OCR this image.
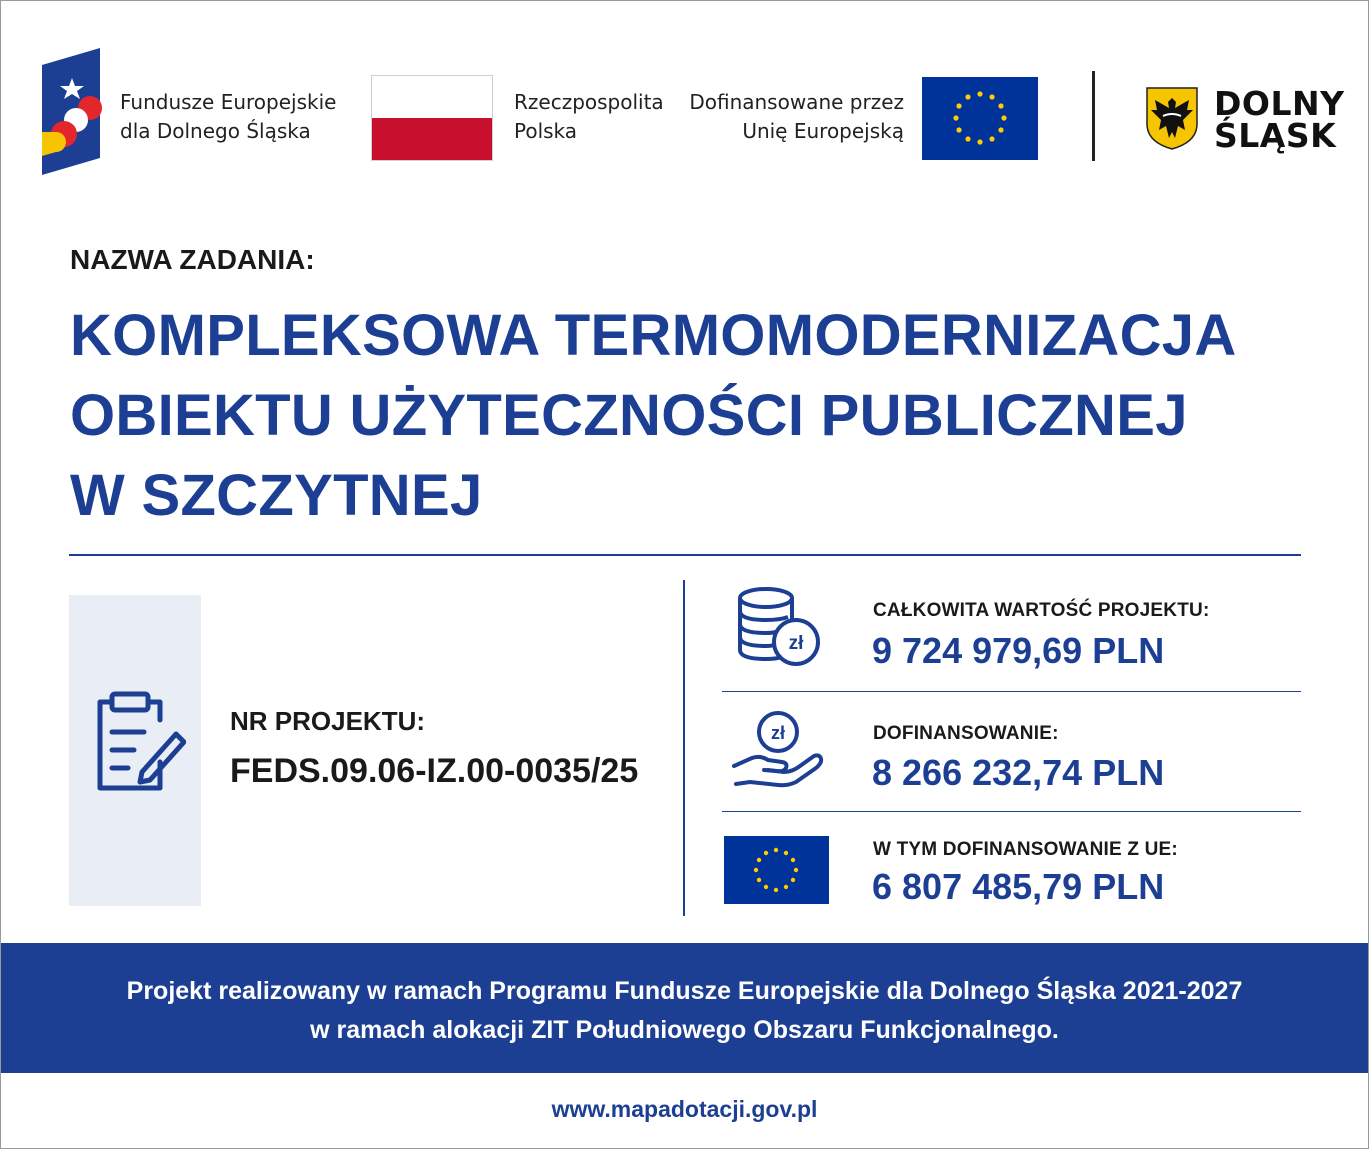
Fundusze Europejskie
dla Dolnego Śląska
Rzeczpospolita
Polska
Dofinansowane przez
Unię Europejską
DOLNY
ŚLĄSK
NAZWA ZADANIA:
KOMPLEKSOWA TERMOMODERNIZACJA
OBIEKTU UŻYTECZNOŚCI PUBLICZNEJ
W SZCZYTNEJ
NR PROJEKTU:
FEDS.09.06-IZ.00-0035/25
zł
CAŁKOWITA WARTOŚĆ PROJEKTU:
9 724 979,69 PLN
zł	DOFINANSOWANIE:
8 266 232,74 PLN
W TYM DOFINANSOWANIE Z UE:
6 807 485,79 PLN
Projekt realizowany w ramach Programu Fundusze Europejskie dla Dolnego Śląska 2021-2027
w ramach alokacji ZIT Południowego Obszaru Funkcjonalnego.
www.mapadotacji.gov.pl
